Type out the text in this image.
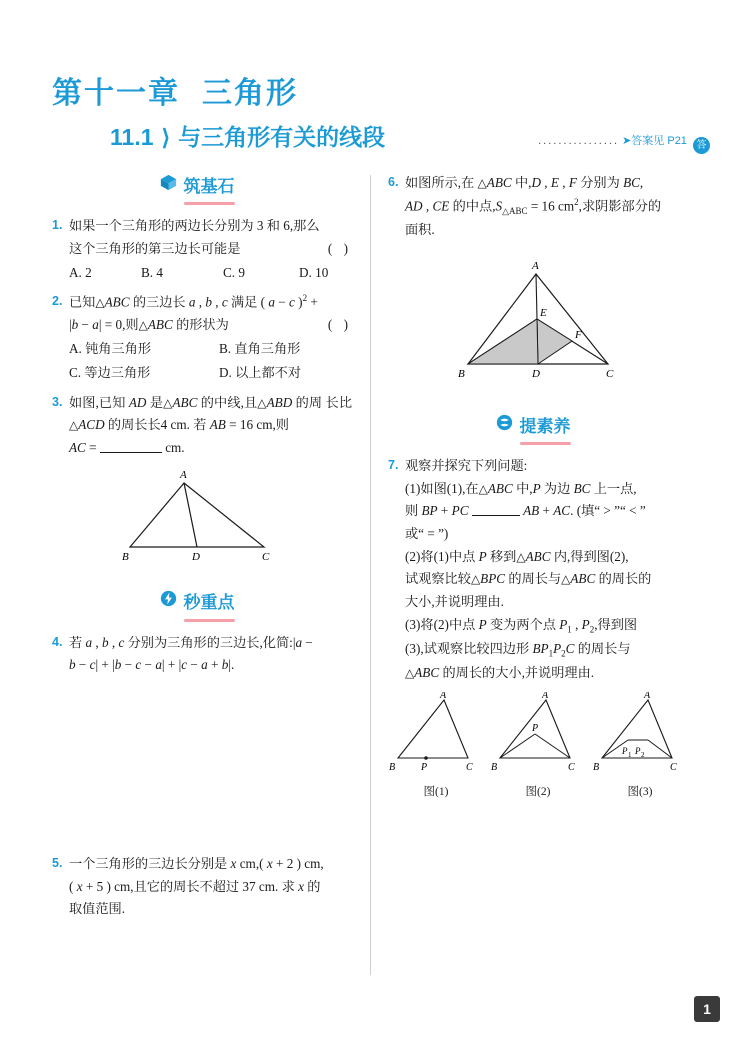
第十一章 三角形
11.1 ⟩ 与三角形有关的线段	................ ➤答案见 P21 答
筑基石
1. 如果一个三角形的两边长分别为 3 和 6,那么
这个三角形的第三边长可能是	( )
A. 2	B. 4	C. 9	D. 10
2. 已知△ABC 的三边长 a , b , c 满足 ( a − c )$^2$ +
|b − a| = 0,则△ABC 的形状为	( )
A. 钝角三角形	B. 直角三角形
C. 等边三角形	D. 以上都不对
3. 如图,已知 AD 是△ABC 的中线,且△ABD 的周 长比△ACD 的周长长4 cm. 若 AB = 16 cm,则
AC =	cm.
A
B	D	C
秒重点
4. 若 a , b , c 分别为三角形的三边长,化简:|a −
b − c| + |b − c − a| + |c − a + b|.
5. 一个三角形的三边长分别是 x cm,( x + 2 ) cm,
( x + 5 ) cm,且它的周长不超过 37 cm. 求 x 的
取值范围.
6. 如图所示,在 △ABC 中,D , E , F 分别为 BC,
AD , CE 的中点$,S_{\triangle ABC} = 16$ $cm^2$,求阴影部分的
面积.
A
E
F
B	D	C
提素养
7. 观察并探究下列问题:
(1)如图(1),在△ABC 中,P 为边 BC 上一点,
则 BP + PC	AB + AC. (填“ > ”“ < ”
或“ = ”)
(2)将(1)中点 P 移到△ABC 内,得到图(2),
试观察比较△BPC 的周长与△ABC 的周长的
大小,并说明理由.
(3)将(2)中点 P 变为两个点 $P_1$ , $P_2$,得到图
(3),试观察比较四边形 $BP_1P_2C$ 的周长与
△ABC 的周长的大小,并说明理由.
A
B	P	C
图(1)
A
P
B	C
图(2)
A
P 1 P 2
B	C
图(3)
1
